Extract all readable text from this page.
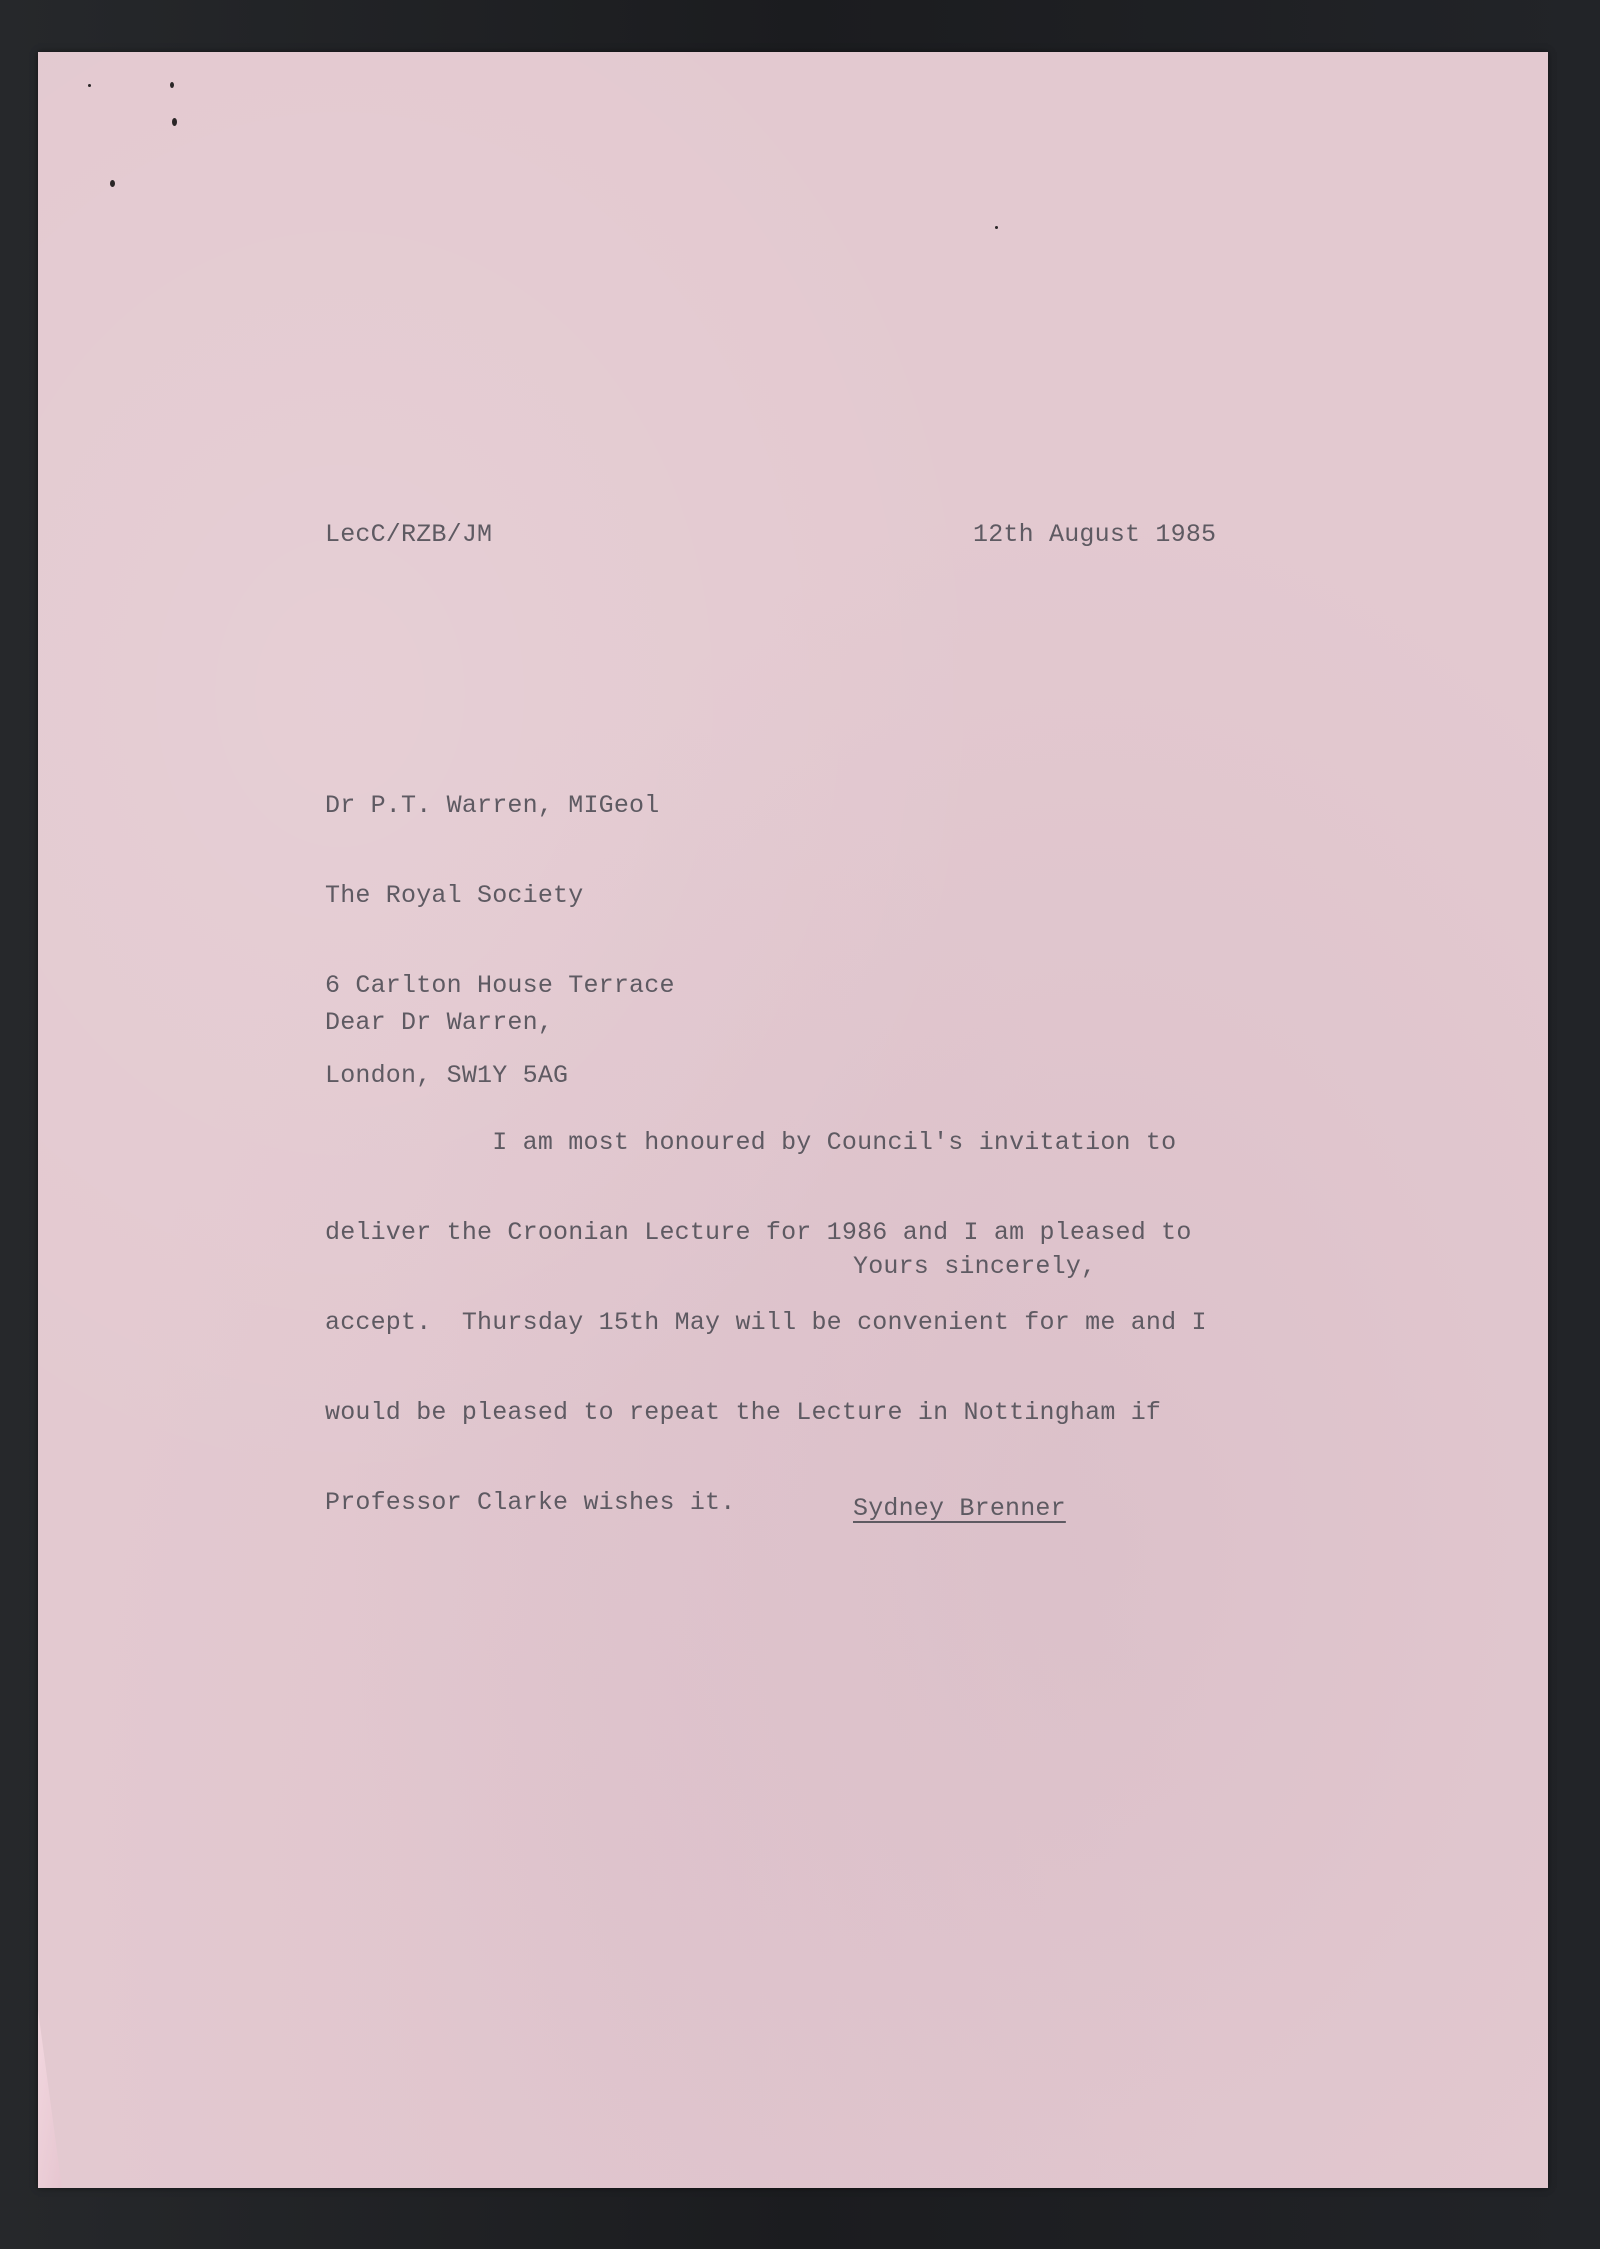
LecC/RZB/JM	12th August 1985

Dr P.T. Warren, MIGeol

The Royal Society

6 Carlton House Terrace

London, SW1Y 5AG

Dear Dr Warren,

I am most honoured by Council's invitation to

deliver the Croonian Lecture for 1986 and I am pleased to

accept.  Thursday 15th May will be convenient for me and I

would be pleased to repeat the Lecture in Nottingham if

Professor Clarke wishes it.

Yours sincerely,
Sydney Brenner
